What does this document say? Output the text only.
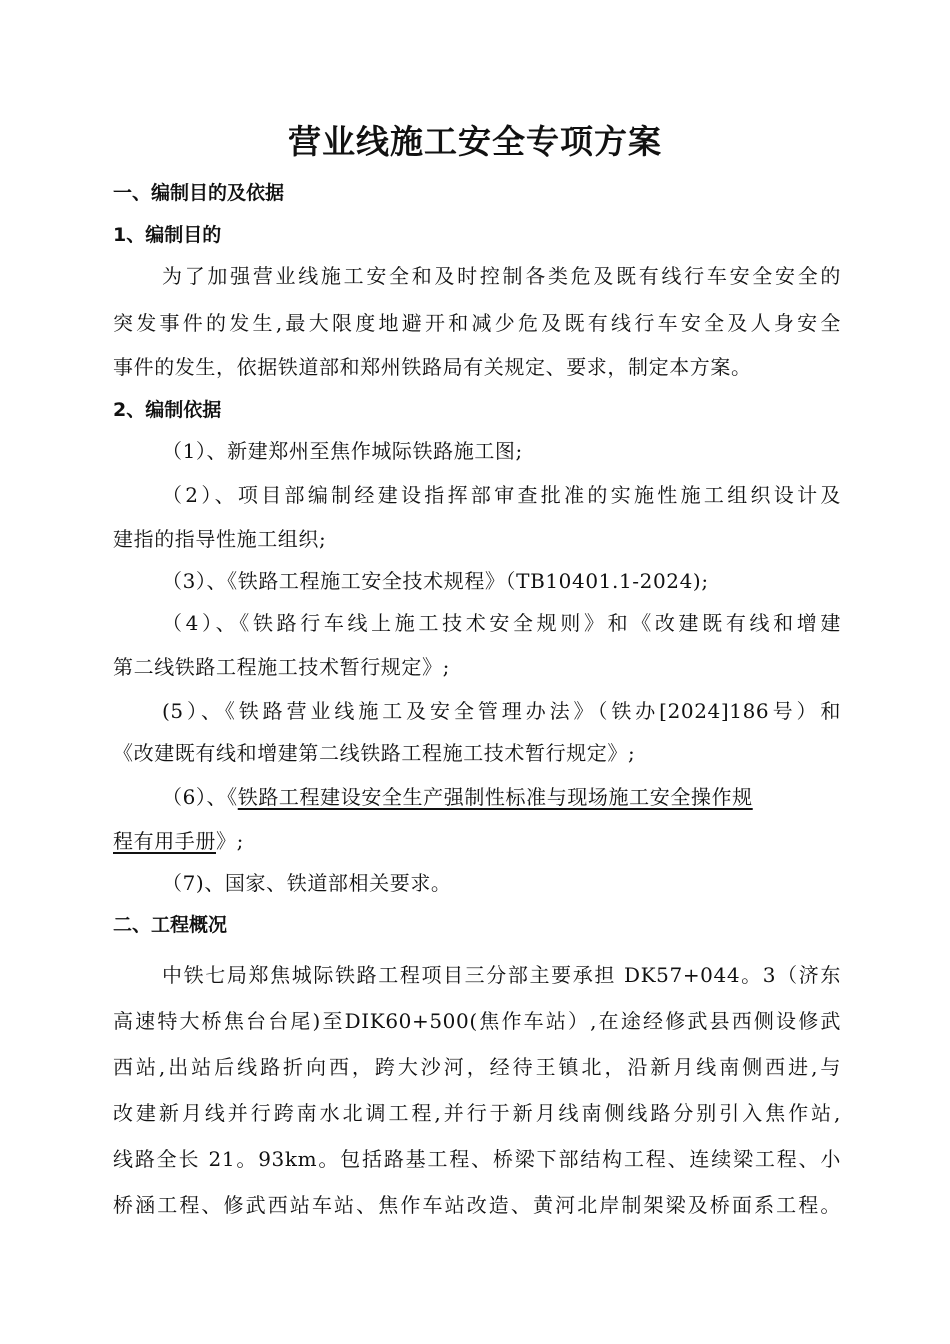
营业线施工安全专项方案
一、编制目的及依据
1、编制目的
为了加强营业线施工安全和及时控制各类危及既有线行车安全安全的
突发事件的发生,最大限度地避开和减少危及既有线行车安全及人身安全
事件的发生，依据铁道部和郑州铁路局有关规定、要求，制定本方案。
2、编制依据
（1）、新建郑州至焦作城际铁路施工图;
（2）、项目部编制经建设指挥部审查批准的实施性施工组织设计及
建指的指导性施工组织;
（3）、《铁路工程施工安全技术规程》（TB10401.1-2024);
（4）、《铁路行车线上施工技术安全规则》和《改建既有线和增建
第二线铁路工程施工技术暂行规定》;
(5）、《铁路营业线施工及安全管理办法》（铁办[2024]186号）和
《改建既有线和增建第二线铁路工程施工技术暂行规定》;
（6）、《铁路工程建设安全生产强制性标准与现场施工安全操作规
程有用手册》;
（7)、国家、铁道部相关要求。
二、工程概况
中铁七局郑焦城际铁路工程项目三分部主要承担 DK57+044。3（济东
高速特大桥焦台台尾)至DIK60+500(焦作车站）,在途经修武县西侧设修武
西站,出站后线路折向西，跨大沙河，经待王镇北，沿新月线南侧西进,与
改建新月线并行跨南水北调工程,并行于新月线南侧线路分别引入焦作站,
线路全长 21。93km。包括路基工程、桥梁下部结构工程、连续梁工程、小
桥涵工程、修武西站车站、焦作车站改造、黄河北岸制架梁及桥面系工程。
